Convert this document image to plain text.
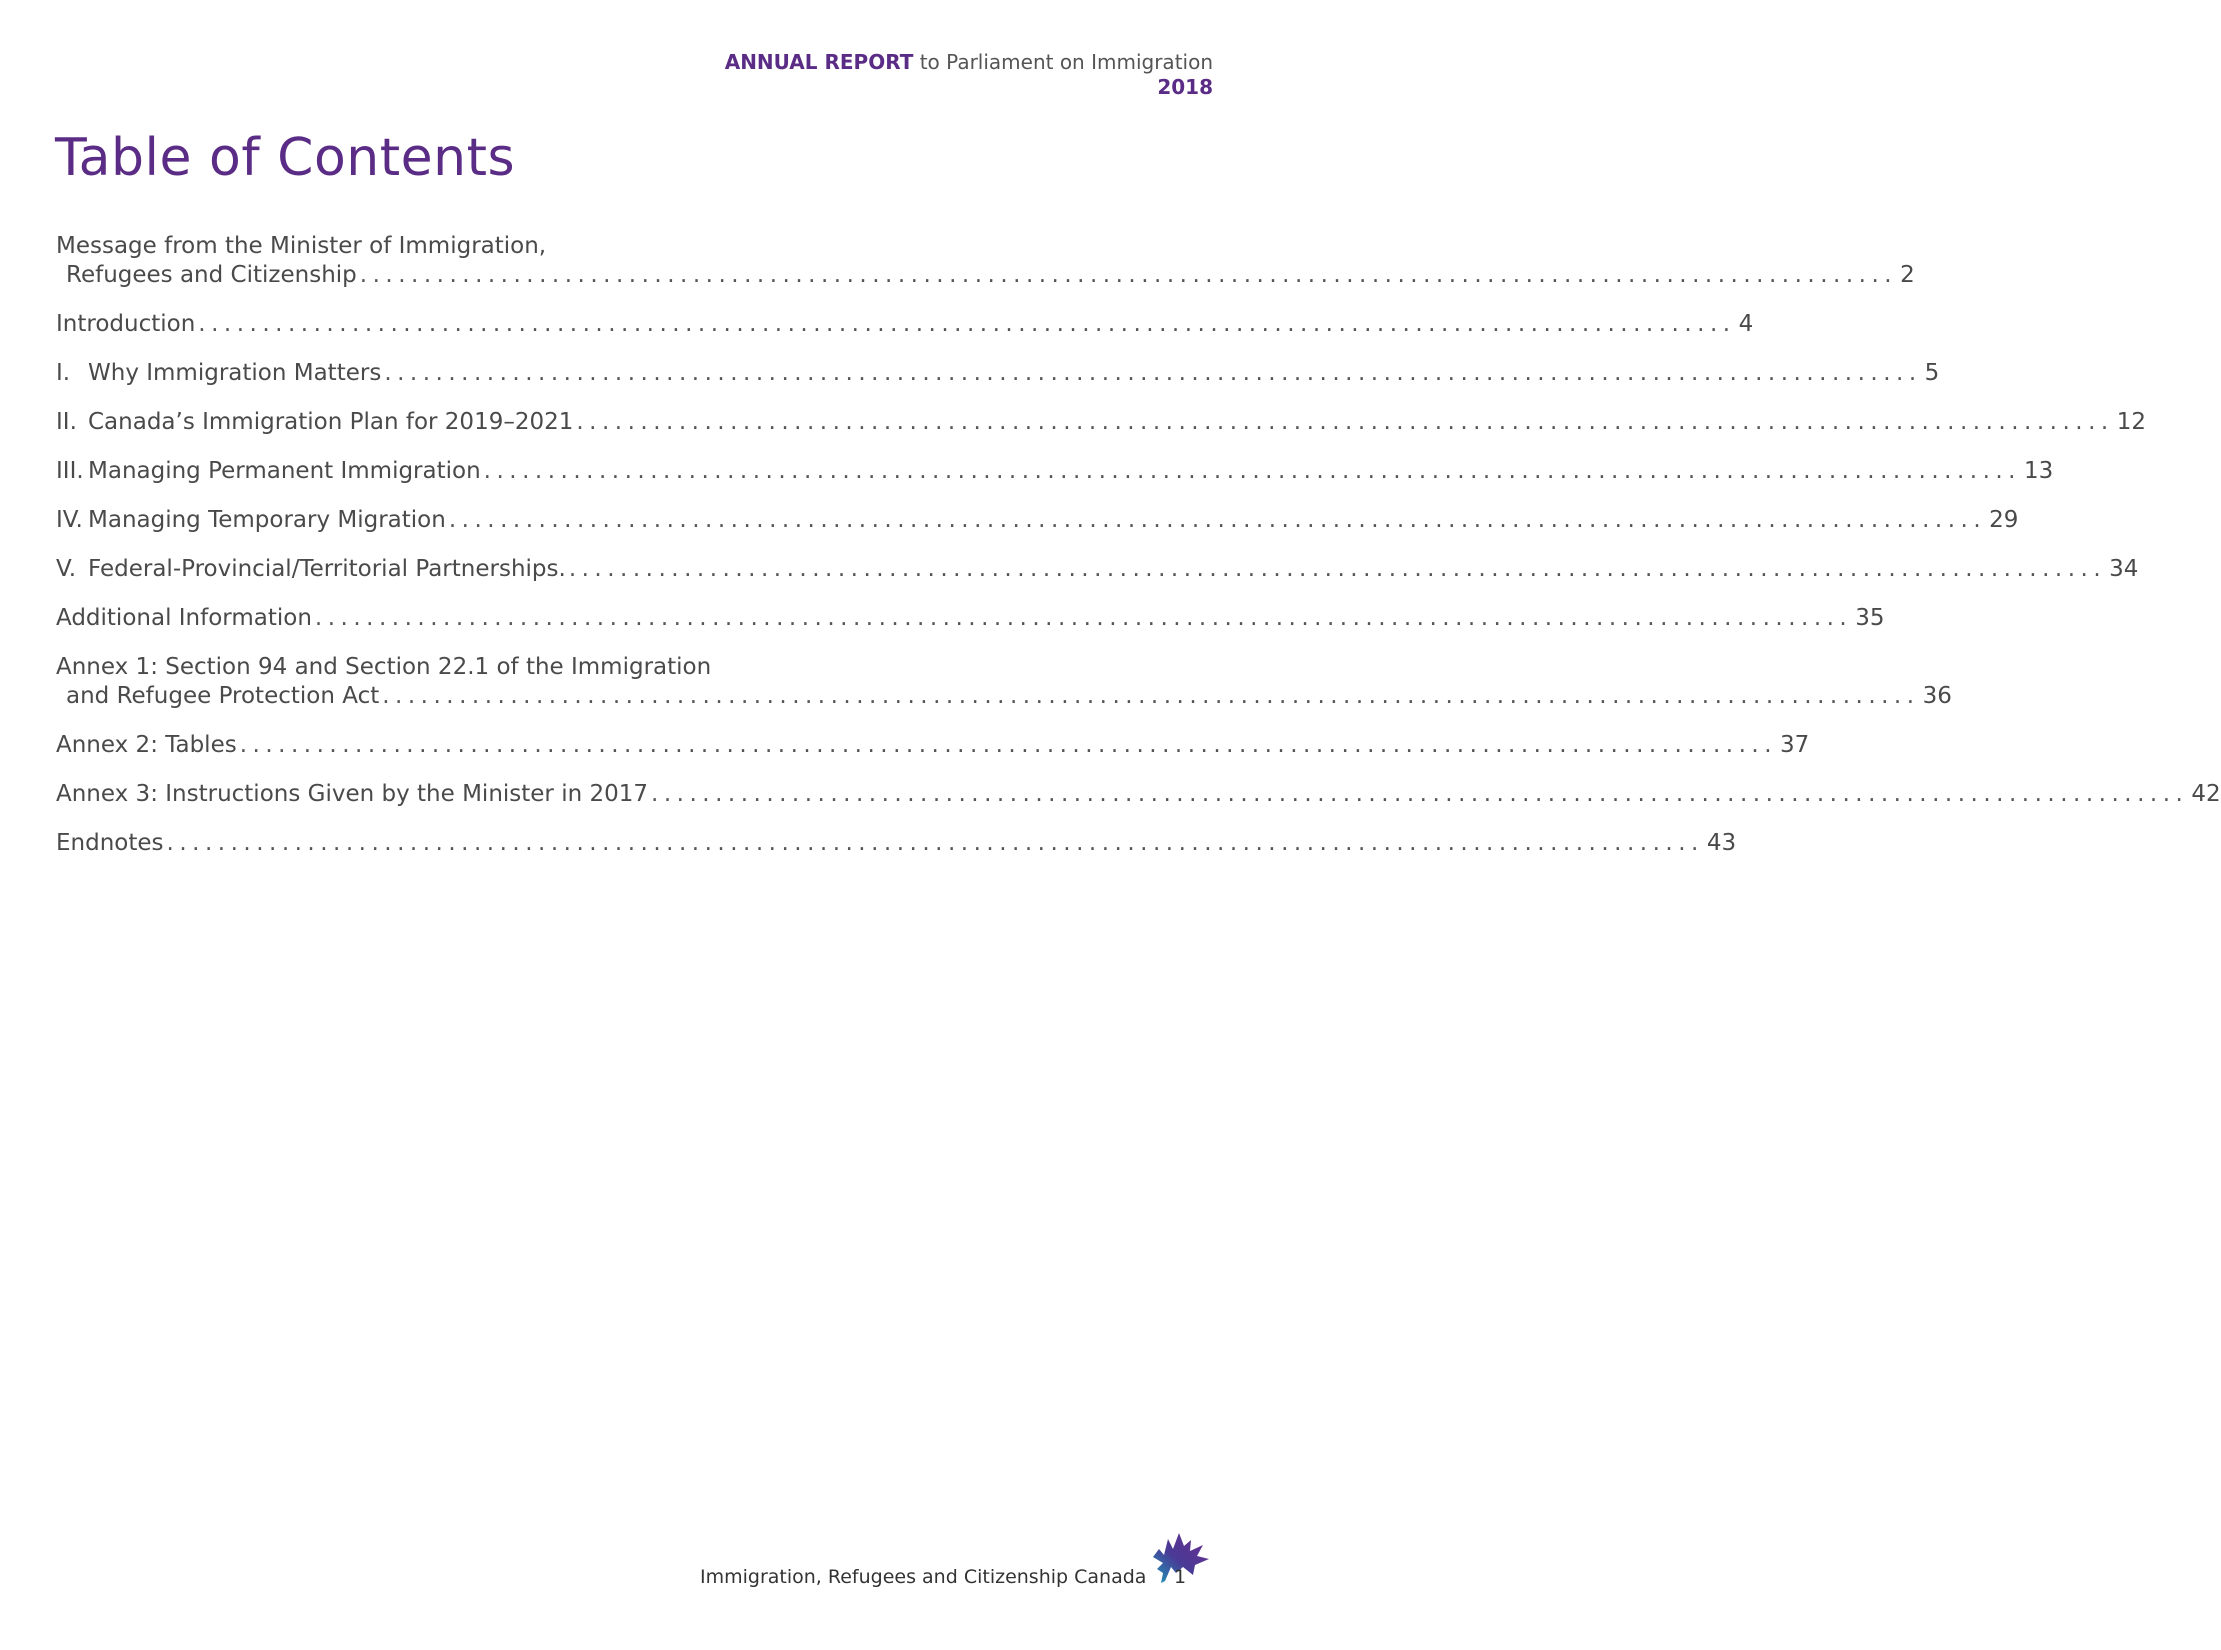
ANNUAL REPORT to Parliament on Immigration
2018
Table of Contents
Message from the Minister of Immigration,
Refugees and Citizenship ........................................................................................................................ 2
Introduction ........................................................................................................................ 4
I. Why Immigration Matters ........................................................................................................................ 5
II. Canada’s Immigration Plan for 2019–2021 ........................................................................................................................ 12
III. Managing Permanent Immigration ........................................................................................................................ 13
IV. Managing Temporary Migration ........................................................................................................................ 29
V. Federal-Provincial/Territorial Partnerships. ........................................................................................................................ 34
Additional Information ........................................................................................................................ 35
Annex 1: Section 94 and Section 22.1 of the Immigration
and Refugee Protection Act ........................................................................................................................ 36
Annex 2: Tables ........................................................................................................................ 37
Annex 3: Instructions Given by the Minister in 2017 ........................................................................................................................ 42
Endnotes ........................................................................................................................ 43
Immigration, Refugees and Citizenship Canada 1
